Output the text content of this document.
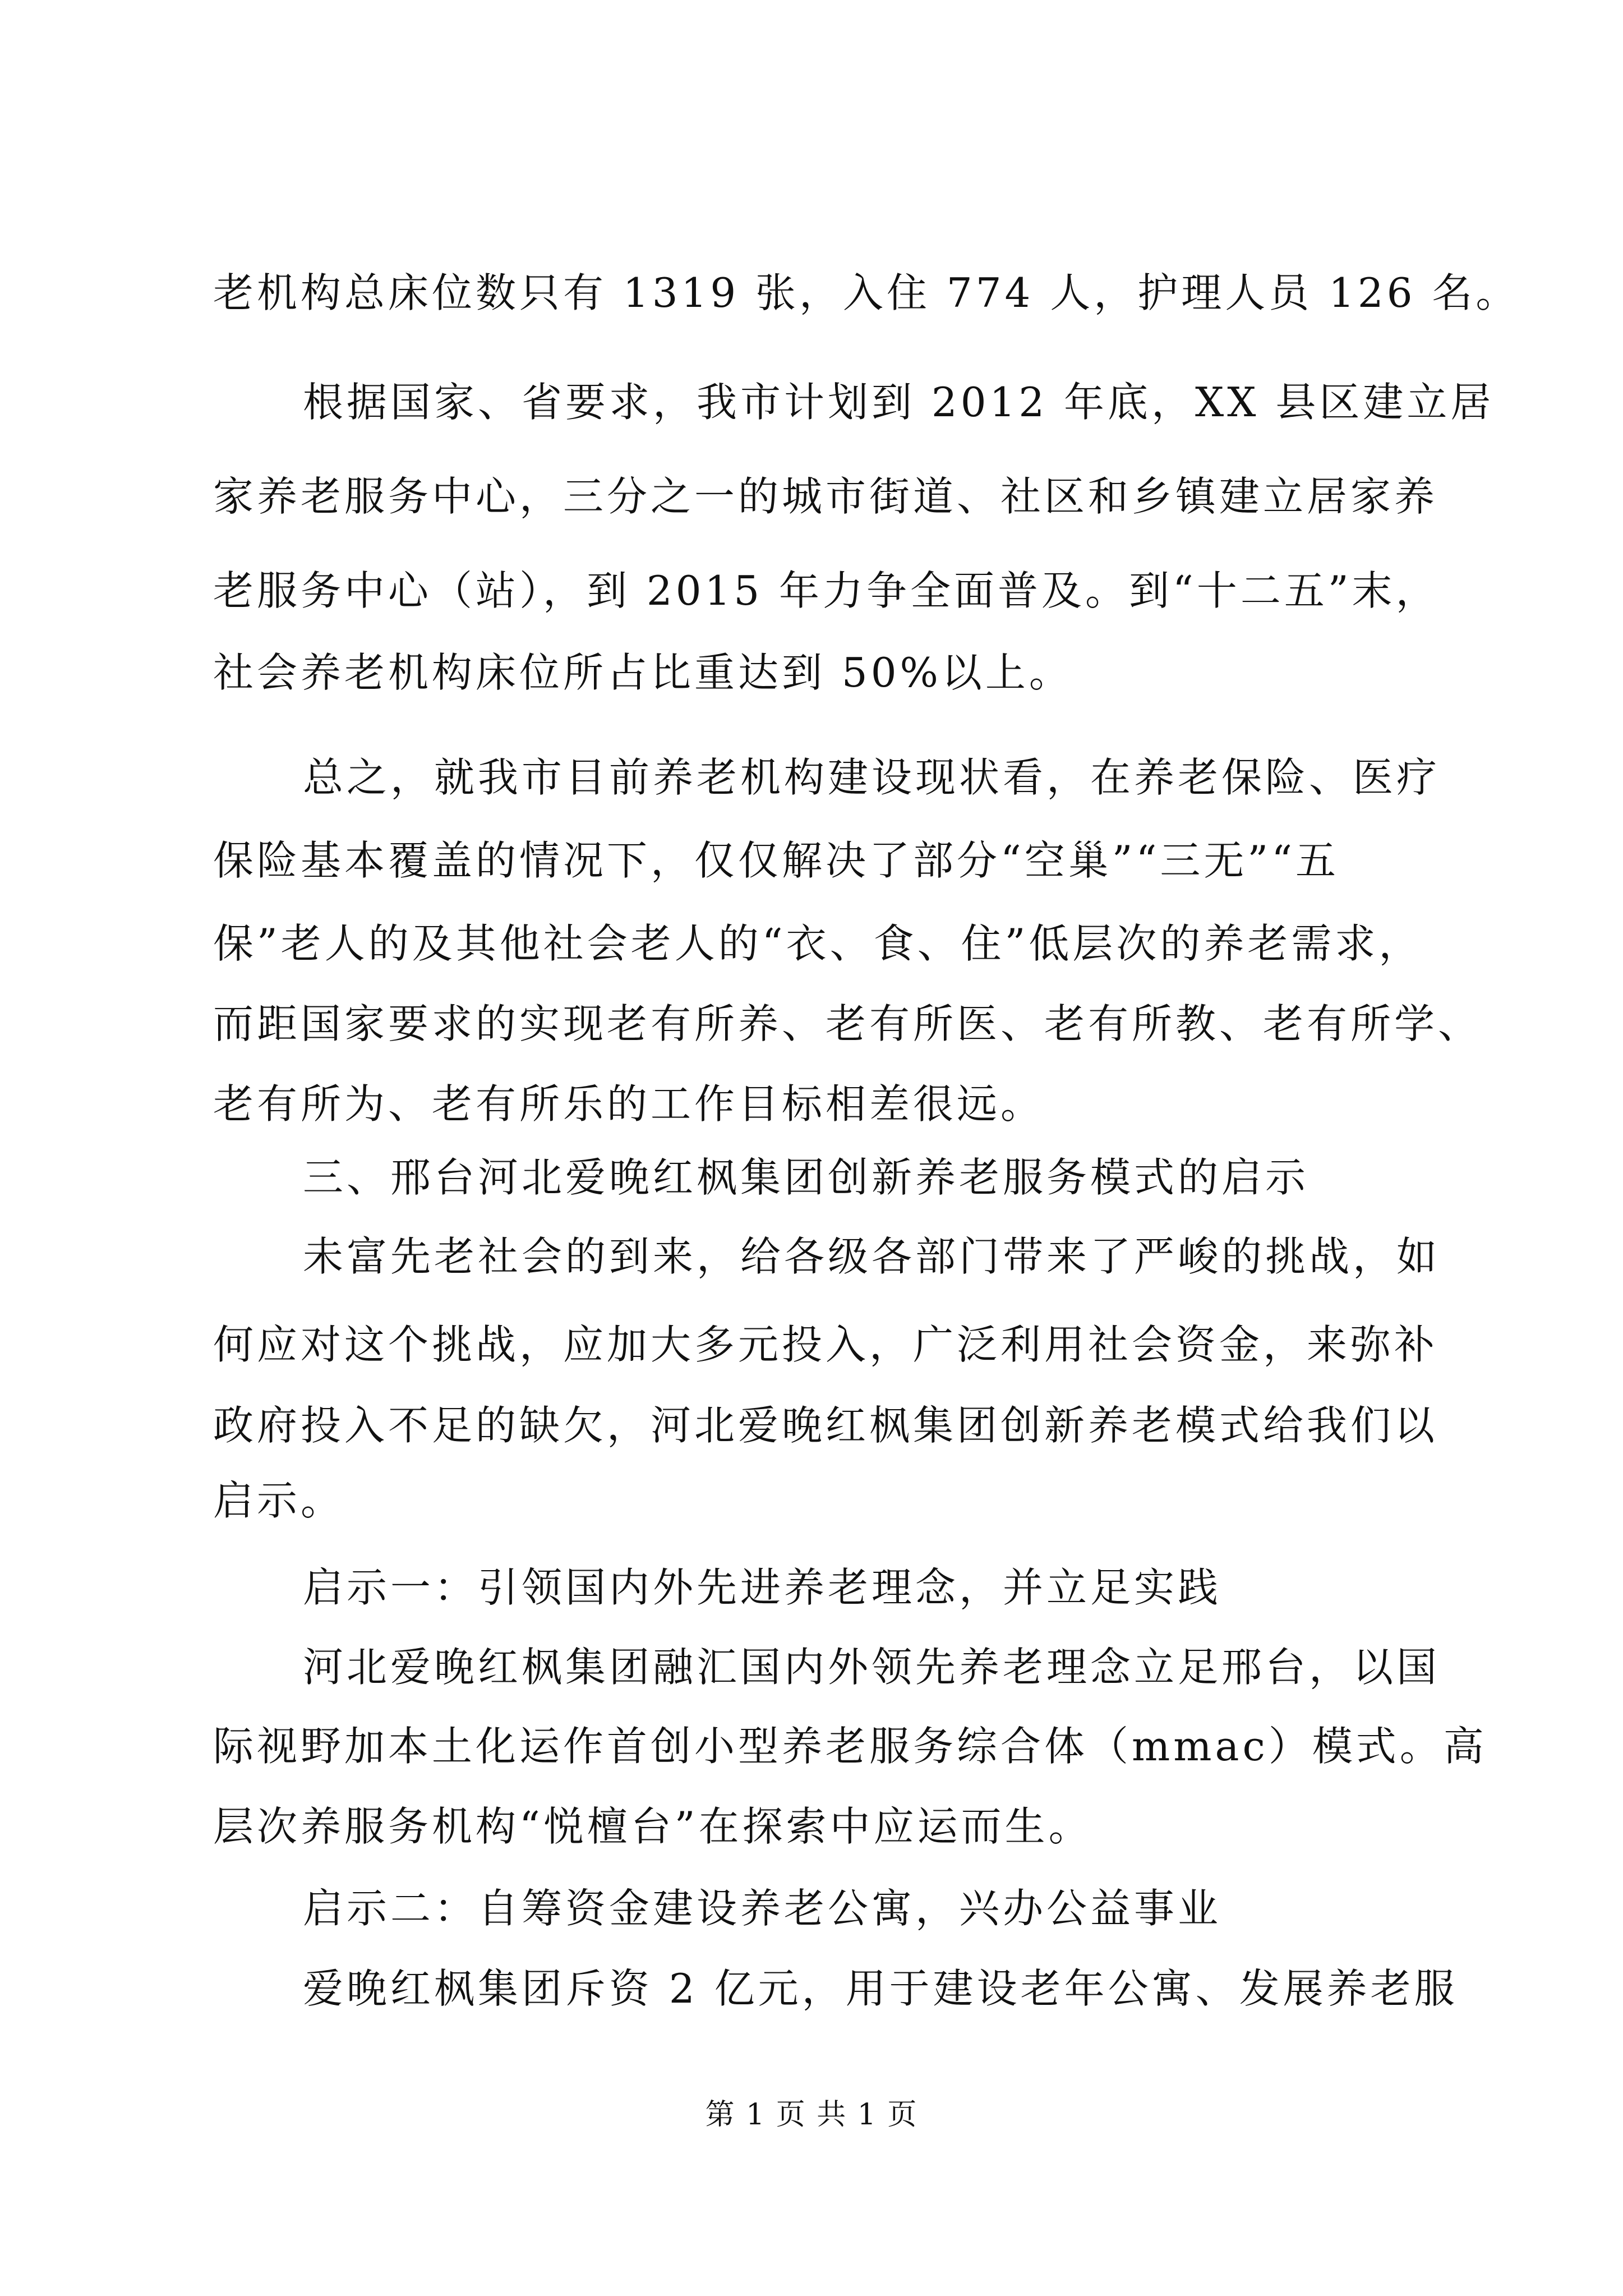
老机构总床位数只有 1319 张，入住 774 人，护理人员 126 名。
根据国家、省要求，我市计划到 2012 年底，XX 县区建立居
家养老服务中心，三分之一的城市街道、社区和乡镇建立居家养
老服务中心（站），到 2015 年力争全面普及。到“十二五”末，
社会养老机构床位所占比重达到 50%以上。
总之，就我市目前养老机构建设现状看，在养老保险、医疗
保险基本覆盖的情况下，仅仅解决了部分“空巢”“三无”“五
保”老人的及其他社会老人的“衣、食、住”低层次的养老需求，
而距国家要求的实现老有所养、老有所医、老有所教、老有所学、
老有所为、老有所乐的工作目标相差很远。
三、邢台河北爱晚红枫集团创新养老服务模式的启示
未富先老社会的到来，给各级各部门带来了严峻的挑战，如
何应对这个挑战，应加大多元投入，广泛利用社会资金，来弥补
政府投入不足的缺欠，河北爱晚红枫集团创新养老模式给我们以
启示。
启示一：引领国内外先进养老理念，并立足实践
河北爱晚红枫集团融汇国内外领先养老理念立足邢台，以国
际视野加本土化运作首创小型养老服务综合体（mmac）模式。高
层次养服务机构“悦檀台”在探索中应运而生。
启示二：自筹资金建设养老公寓，兴办公益事业
爱晚红枫集团斥资 2 亿元，用于建设老年公寓、发展养老服
第 1 页 共 1 页
